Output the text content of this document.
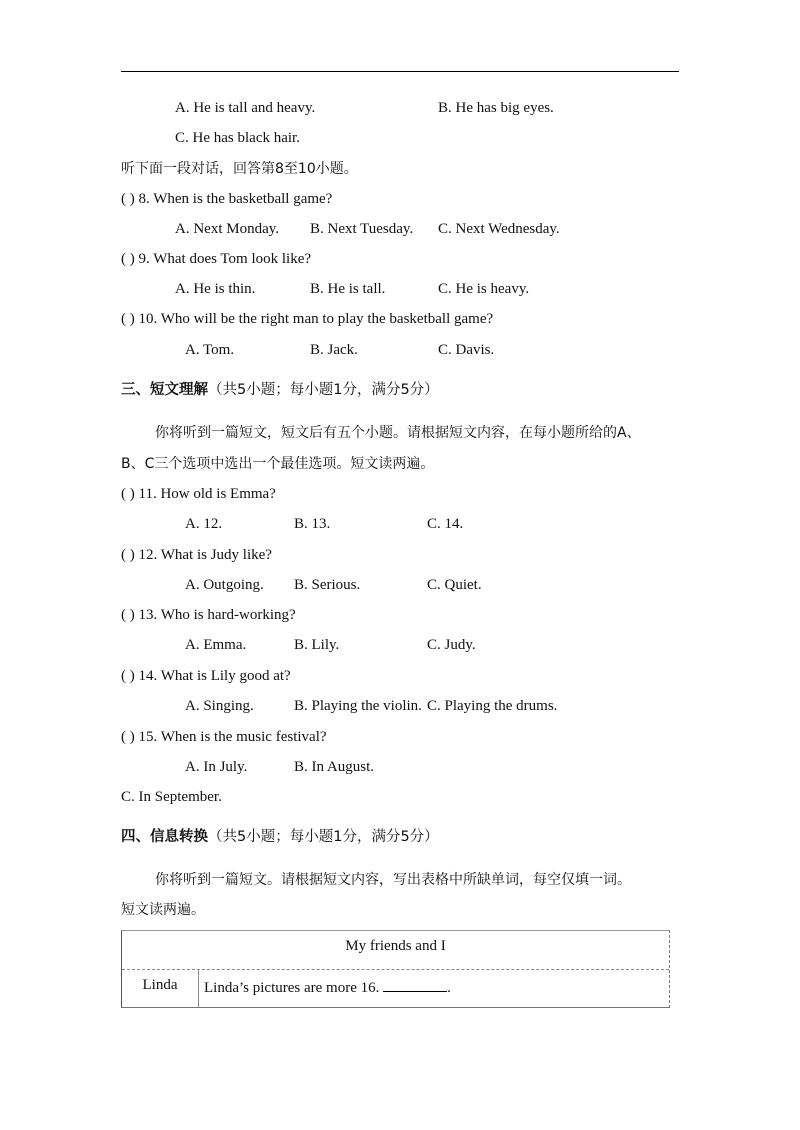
A. He is tall and heavy.	B. He has big eyes.
C. He has black hair.
听下面一段对话，回答第8至10小题。
( ) 8. When is the basketball game?
A. Next Monday. B. Next Tuesday. C. Next Wednesday.
( ) 9. What does Tom look like?
A. He is thin.	B. He is tall.	C. He is heavy.
( ) 10. Who will be the right man to play the basketball game?
A. Tom.	B. Jack.	C. Davis.
三、短文理解（共5小题；每小题1分，满分5分）
你将听到一篇短文，短文后有五个小题。请根据短文内容，在每小题所给的A、
B、C三个选项中选出一个最佳选项。短文读两遍。
( ) 11. How old is Emma?
A. 12.	B. 13.	C. 14.
( ) 12. What is Judy like?
A. Outgoing. B. Serious.	C. Quiet.
( ) 13. Who is hard-working?
A. Emma.	B. Lily.	C. Judy.
( ) 14. What is Lily good at?
A. Singing.	B. Playing the violin. C. Playing the drums.
( ) 15. When is the music festival?
A. In July.	B. In August.
C. In September.
四、信息转换（共5小题；每小题1分，满分5分）
你将听到一篇短文。请根据短文内容，写出表格中所缺单词，每空仅填一词。
短文读两遍。
My friends and I
Linda	Linda’s pictures are more 16.	.
